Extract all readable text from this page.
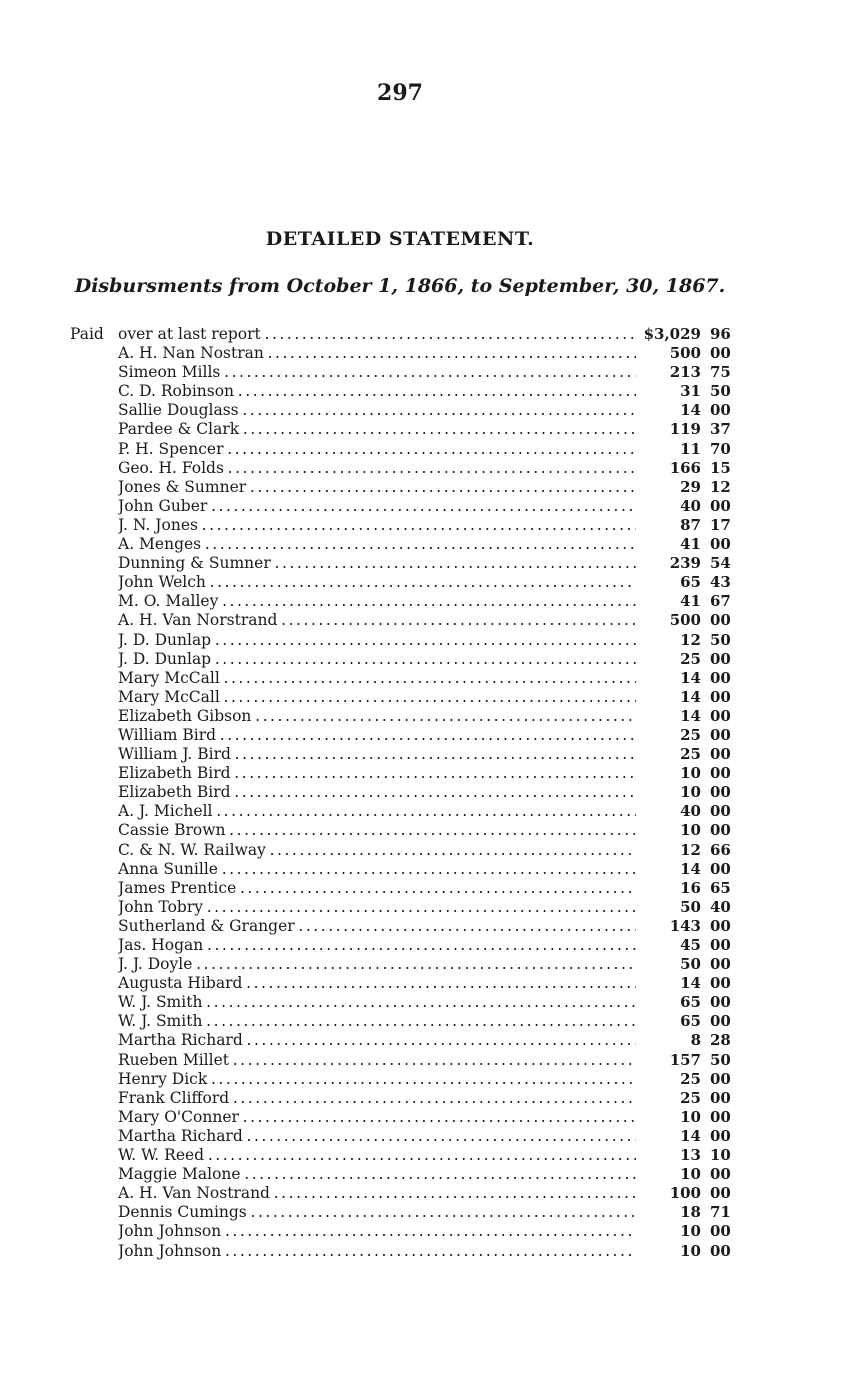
297
DETAILED STATEMENT.
Disbursments from October 1, 1866, to September, 30, 1867.
Paid over at last report . . .	$3,029 96
A. H. Nan Nostran . . .	500 00
Simeon Mills . . .	213 75
C. D. Robinson . . .	31 50
Sallie Douglass . . .	14 00
Pardee & Clark . . .	119 37
P. H. Spencer . . .	11 70
Geo. H. Folds . . .	166 15
Jones & Sumner . . .	29 12
John Guber . . .	40 00
J. N. Jones . . .	87 17
A. Menges . . .	41 00
Dunning & Sumner . . .	239 54
John Welch . . .	65 43
M. O. Malley . . .	41 67
A. H. Van Norstrand . . .	500 00
J. D. Dunlap . . .	12 50
J. D. Dunlap . . .	25 00
Mary McCall . . .	14 00
Mary McCall . . .	14 00
Elizabeth Gibson . . .	14 00
William Bird . . .	25 00
William J. Bird . . .	25 00
Elizabeth Bird . . .	10 00
Elizabeth Bird . . .	10 00
A. J. Michell . . .	40 00
Cassie Brown . . .	10 00
C. & N. W. Railway . . .	12 66
Anna Sunille . . .	14 00
James Prentice . . .	16 65
John Tobry . . .	50 40
Sutherland & Granger . . .	143 00
Jas. Hogan . . .	45 00
J. J. Doyle . . .	50 00
Augusta Hibard . . .	14 00
W. J. Smith . . .	65 00
W. J. Smith . . .	65 00
Martha Richard . . .	8 28
Rueben Millet . . .	157 50
Henry Dick . . .	25 00
Frank Clifford . . .	25 00
Mary O'Conner . . .	10 00
Martha Richard . . .	14 00
W. W. Reed . . .	13 10
Maggie Malone . . .	10 00
A. H. Van Nostrand . . .	100 00
Dennis Cumings . . .	18 71
John Johnson . . .	10 00
John Johnson . . .	10 00
